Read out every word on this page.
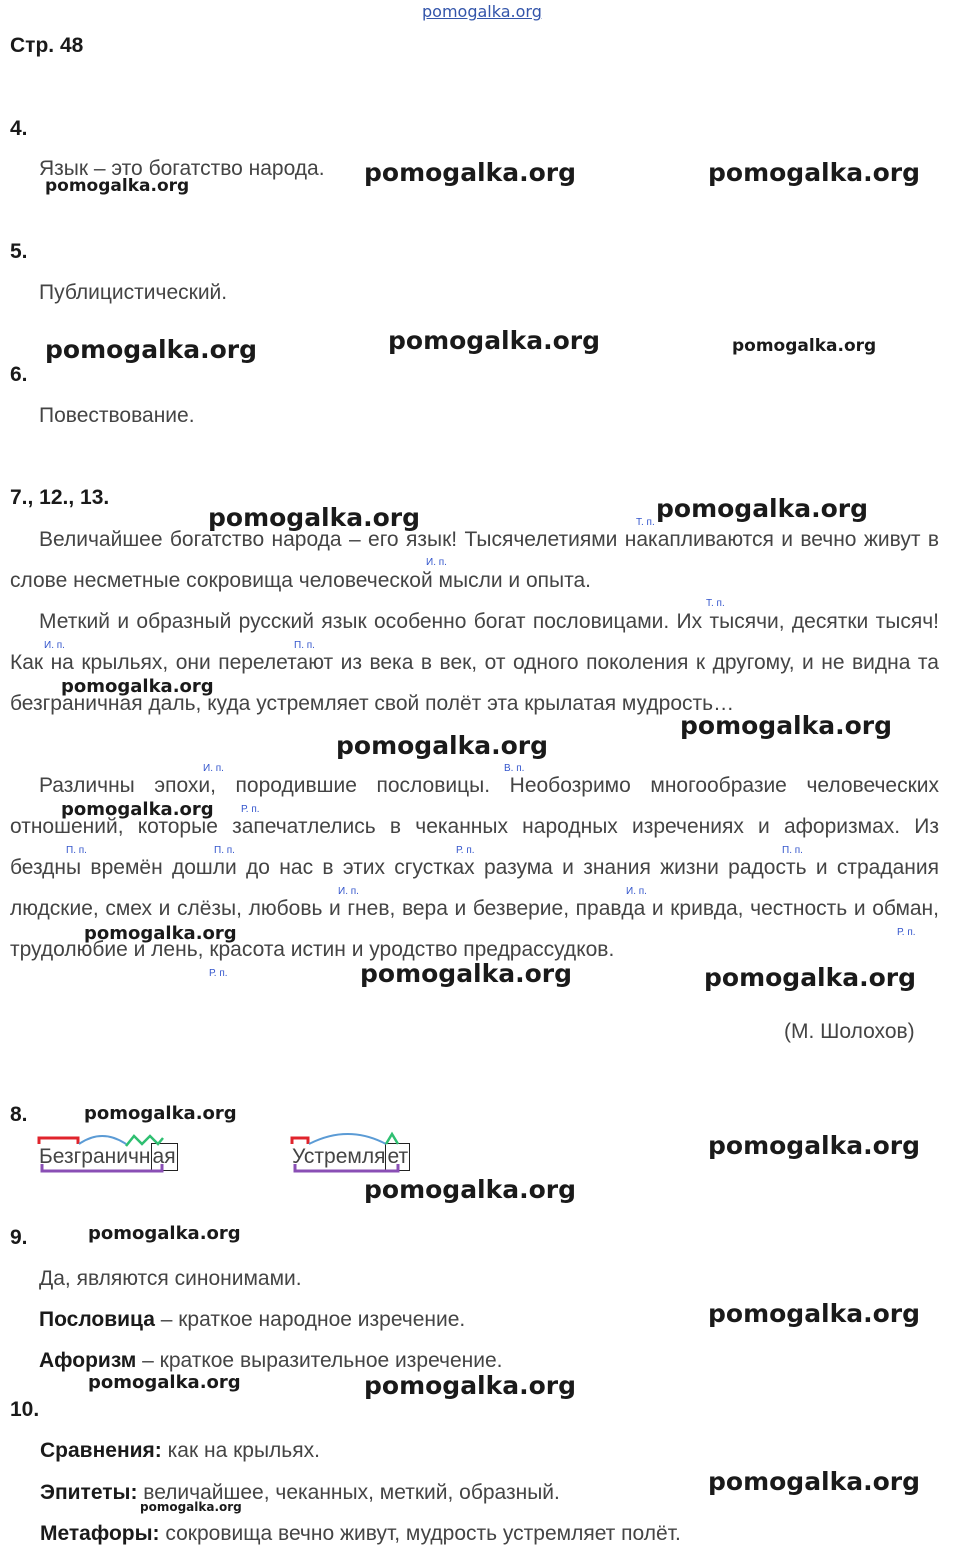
pomogalka.org
Стр. 48
4.
Язык – это богатство народа.
5.
Публицистический.
6.
Повествование.
7., 12., 13.
Т. п.
И. п.
Т. п.
И. п.	П. п.
И. п.	В. п.
П. п.
Р. п.
П. п.	П. п.
Р. п.
И. п.	И. п.
Р. п.
Р. п.
Величайшее богатство народа – его язык! Тысячелетиями накапливаются и вечно живут в слове несметные сокровища человеческой мысли и опыта.
Меткий и образный русский язык особенно богат пословицами. Их тысячи, десятки тысяч! Как на крыльях, они перелетают из века в век, от одного поколения к другому, и не видна та безграничная даль, куда устремляет свой полёт эта крылатая мудрость…
Различны эпохи, породившие пословицы. Необозримо многообразие человеческих отношений, которые запечатлелись в чеканных народных изречениях и афоризмах. Из бездны времён дошли до нас в этих сгустках разума и знания жизни радость и страдания людские, смех и слёзы, любовь и гнев, вера и безверие, правда и кривда, честность и обман, трудолюбие и лень, красота истин и уродство предрассудков.
(М. Шолохов)
8.
Безграничная	Устремляет
9.
Да, являются синонимами.
Пословица – краткое народное изречение.
Афоризм – краткое выразительное изречение.
10.
Сравнения: как на крыльях.
Эпитеты: величайшее, чеканных, меткий, образный.
Метафоры: сокровища вечно живут, мудрость устремляет полёт.
pomogalka.org	pomogalka.org	pomogalka.org
pomogalka.org	pomogalka.org	pomogalka.org
pomogalka.org	pomogalka.org
pomogalka.org
pomogalka.org
pomogalka.org
pomogalka.org
pomogalka.org
pomogalka.org	pomogalka.org
pomogalka.org
pomogalka.org
pomogalka.org
pomogalka.org
pomogalka.org
pomogalka.org	pomogalka.org
pomogalka.org
pomogalka.org
